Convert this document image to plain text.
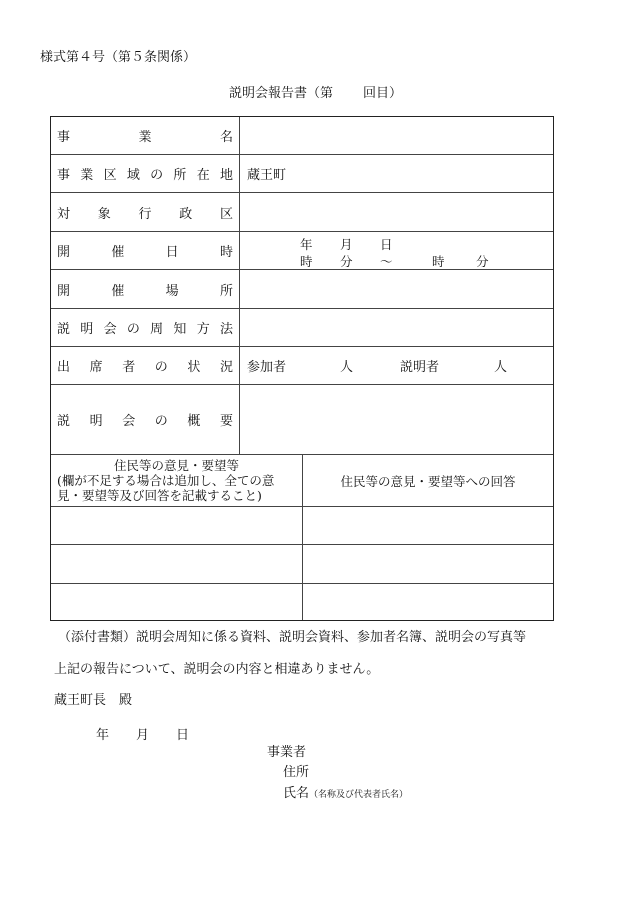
様式第４号（第５条関係）
説明会報告書（第 回目）
事	業	名
事 業 区 域 の 所 在 地	蔵王町
対 象 行 政 区
開	催	日	時
年 月 日
時 分 ～	時	分
開	催	場	所
説 明 会 の 周 知 方 法
出 席 者 の 状 況 参加者	人	説明者	人
説 明 会 の 概 要
住民等の意見・要望等
(欄が不足する場合は追加し、全ての意
見・要望等及び回答を記載すること)
住民等の意見・要望等への回答
（添付書類）説明会周知に係る資料、説明会資料、参加者名簿、説明会の写真等
上記の報告について、説明会の内容と相違ありません。
蔵王町長　殿
年 月 日
事業者
住所
氏名（名称及び代表者氏名）
